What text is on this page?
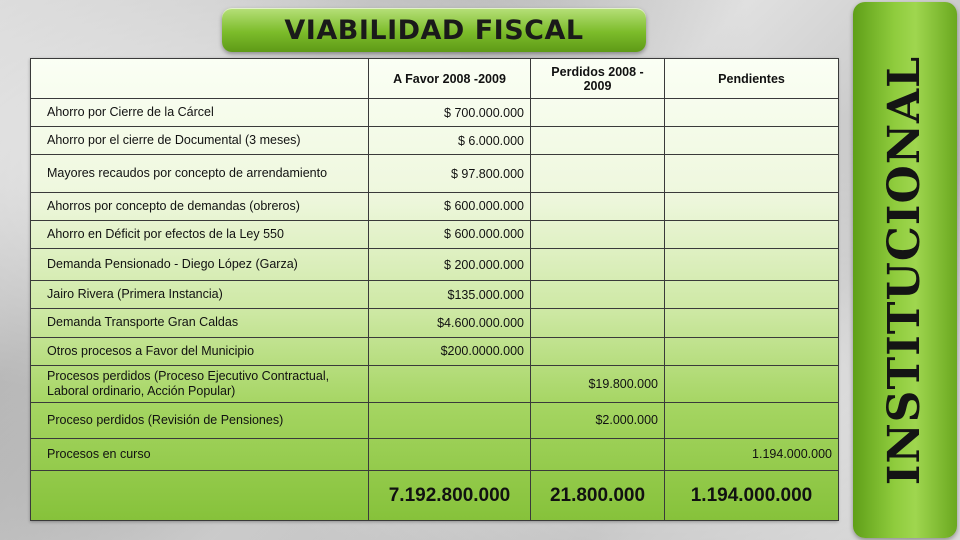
VIABILIDAD FISCAL
INSTITUCIONAL
	A Favor 2008 -2009	Perdidos 2008 - 2009	Pendientes
Ahorro por Cierre de la Cárcel	$ 700.000.000		
Ahorro por el cierre de Documental (3 meses)	$ 6.000.000		
Mayores recaudos por concepto de arrendamiento	$ 97.800.000		
Ahorros por concepto de demandas (obreros)	$ 600.000.000		
Ahorro en Déficit por efectos de la Ley 550	$ 600.000.000		
Demanda Pensionado - Diego López (Garza)	$ 200.000.000		
Jairo Rivera (Primera Instancia)	$135.000.000		
Demanda Transporte Gran Caldas	$4.600.000.000		
Otros procesos a Favor del Municipio	$200.0000.000		
Procesos perdidos (Proceso Ejecutivo Contractual, Laboral ordinario, Acción Popular)		$19.800.000	
Proceso perdidos (Revisión de Pensiones)		$2.000.000	
Procesos en curso			1.194.000.000
	7.192.800.000	21.800.000	1.194.000.000
